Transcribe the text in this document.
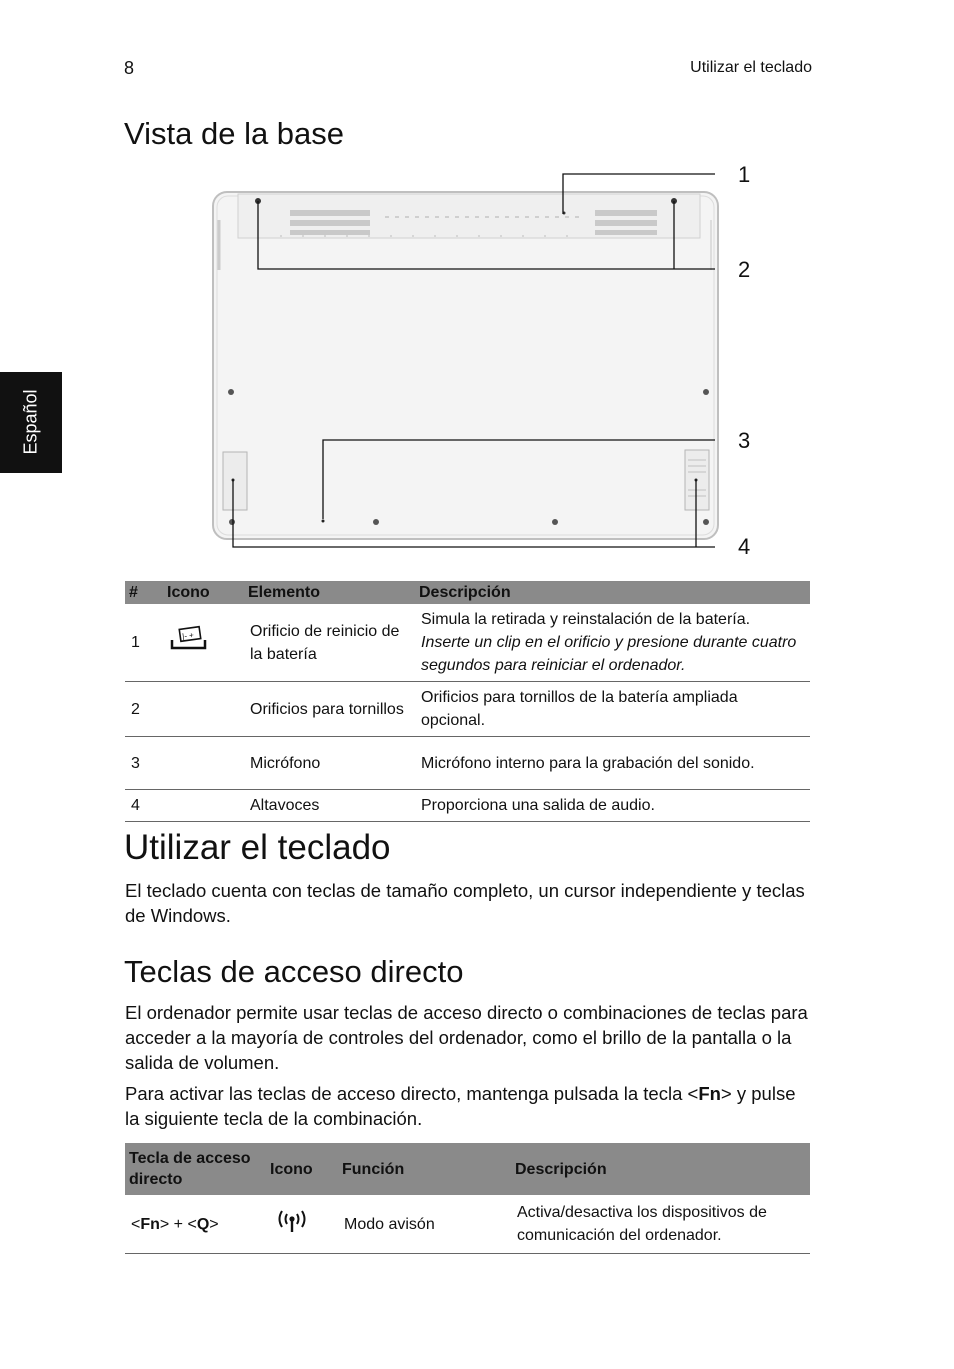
8	Utilizar el teclado
Español
Vista de la base
1
2
3
4
#	Icono	Elemento	Descripción
1	|- +	Orificio de reinicio de la batería	Simula la retirada y reinstalación de la batería.
Inserte un clip en el orificio y presione durante cuatro segundos para reiniciar el ordenador.
2		Orificios para tornillos	Orificios para tornillos de la batería ampliada opcional.
3		Micrófono	Micrófono interno para la grabación del sonido.
4		Altavoces	Proporciona una salida de audio.
Utilizar el teclado

El teclado cuenta con teclas de tamaño completo, un cursor independiente y teclas de Windows.

Teclas de acceso directo

El ordenador permite usar teclas de acceso directo o combinaciones de teclas para acceder a la mayoría de controles del ordenador, como el brillo de la pantalla o la salida de volumen.

Para activar las teclas de acceso directo, mantenga pulsada la tecla <Fn> y pulse la siguiente tecla de la combinación.

Tecla de acceso directo	Icono	Función	Descripción
<Fn> + <Q>		Modo avisón	Activa/desactiva los dispositivos de comunicación del ordenador.
